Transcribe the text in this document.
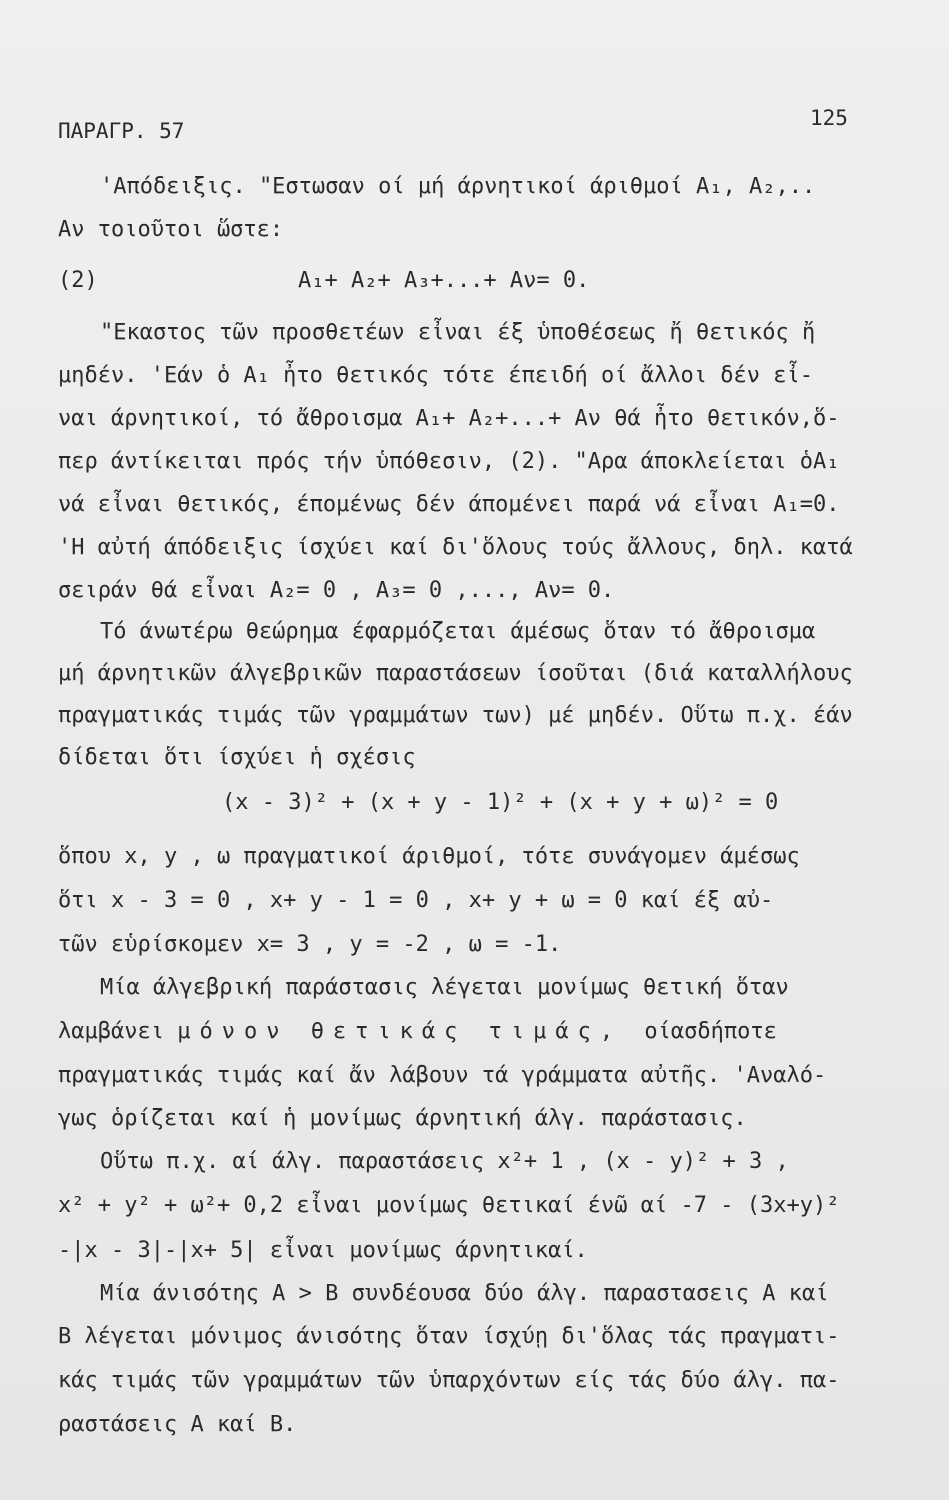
ΠΑΡΑΓΡ. 57
125
'Απόδειξις. "Εστωσαν οί μή άρνητικοί άριθμοί Α₁, Α₂,..
Αν τοιοῦτοι ὥστε:
(2)	Α₁+ Α₂+ Α₃+...+ Αν= 0.
"Εκαστος τῶν προσθετέων εἶναι έξ ὑποθέσεως ἤ θετικός ἤ
μηδέν. 'Εάν ὁ Α₁ ἦτο θετικός τότε έπειδή οί ἄλλοι δέν εἶ-
ναι άρνητικοί, τό ἄθροισμα Α₁+ Α₂+...+ Αν θά ἦτο θετικόν,ὅ-
περ άντίκειται πρός τήν ὑπόθεσιν, (2). "Αρα άποκλείεται ὁΑ₁
νά εἶναι θετικός, έπομένως δέν άπομένει παρά νά εἶναι Α₁=0.
'Η αὐτή άπόδειξις ίσχύει καί δι'ὅλους τούς ἄλλους, δηλ. κατά
σειράν θά εἶναι Α₂= 0 , Α₃= 0 ,..., Αν= 0.
Τό άνωτέρω θεώρημα έφαρμόζεται άμέσως ὅταν τό ἄθροισμα
μή άρνητικῶν άλγεβρικῶν παραστάσεων ίσοῦται (διά καταλλήλους
πραγματικάς τιμάς τῶν γραμμάτων των) μέ μηδέν. Οὕτω π.χ. έάν
δίδεται ὅτι ίσχύει ἡ σχέσις
(x - 3)² + (x + y - 1)² + (x + y + ω)² = 0
ὅπου x, y , ω πραγματικοί άριθμοί, τότε συνάγομεν άμέσως
ὅτι x - 3 = 0 , x+ y - 1 = 0 , x+ y + ω = 0 καί έξ αὐ-
τῶν εὑρίσκομεν x= 3 , y = -2 , ω = -1.
Μία άλγεβρική παράστασις λέγεται μονίμως θετική ὅταν
λαμβάνει μόνον θετικάς τιμάς, οίασδήποτε
πραγματικάς τιμάς καί ἄν λάβουν τά γράμματα αὐτῆς. 'Αναλό-
γως ὁρίζεται καί ἡ μονίμως άρνητική άλγ. παράστασις.
Οὕτω π.χ. αί άλγ. παραστάσεις x²+ 1 , (x - y)² + 3 ,
x² + y² + ω²+ 0,2 εἶναι μονίμως θετικαί ένῶ αί -7 - (3x+y)²
-|x - 3|-|x+ 5| εἶναι μονίμως άρνητικαί.
Μία άνισότης Α > Β συνδέουσα δύο άλγ. παραστασεις Α καί
Β λέγεται μόνιμος άνισότης ὅταν ίσχύῃ δι'ὅλας τάς πραγματι-
κάς τιμάς τῶν γραμμάτων τῶν ὑπαρχόντων είς τάς δύο άλγ. πα-
ραστάσεις Α καί Β.
